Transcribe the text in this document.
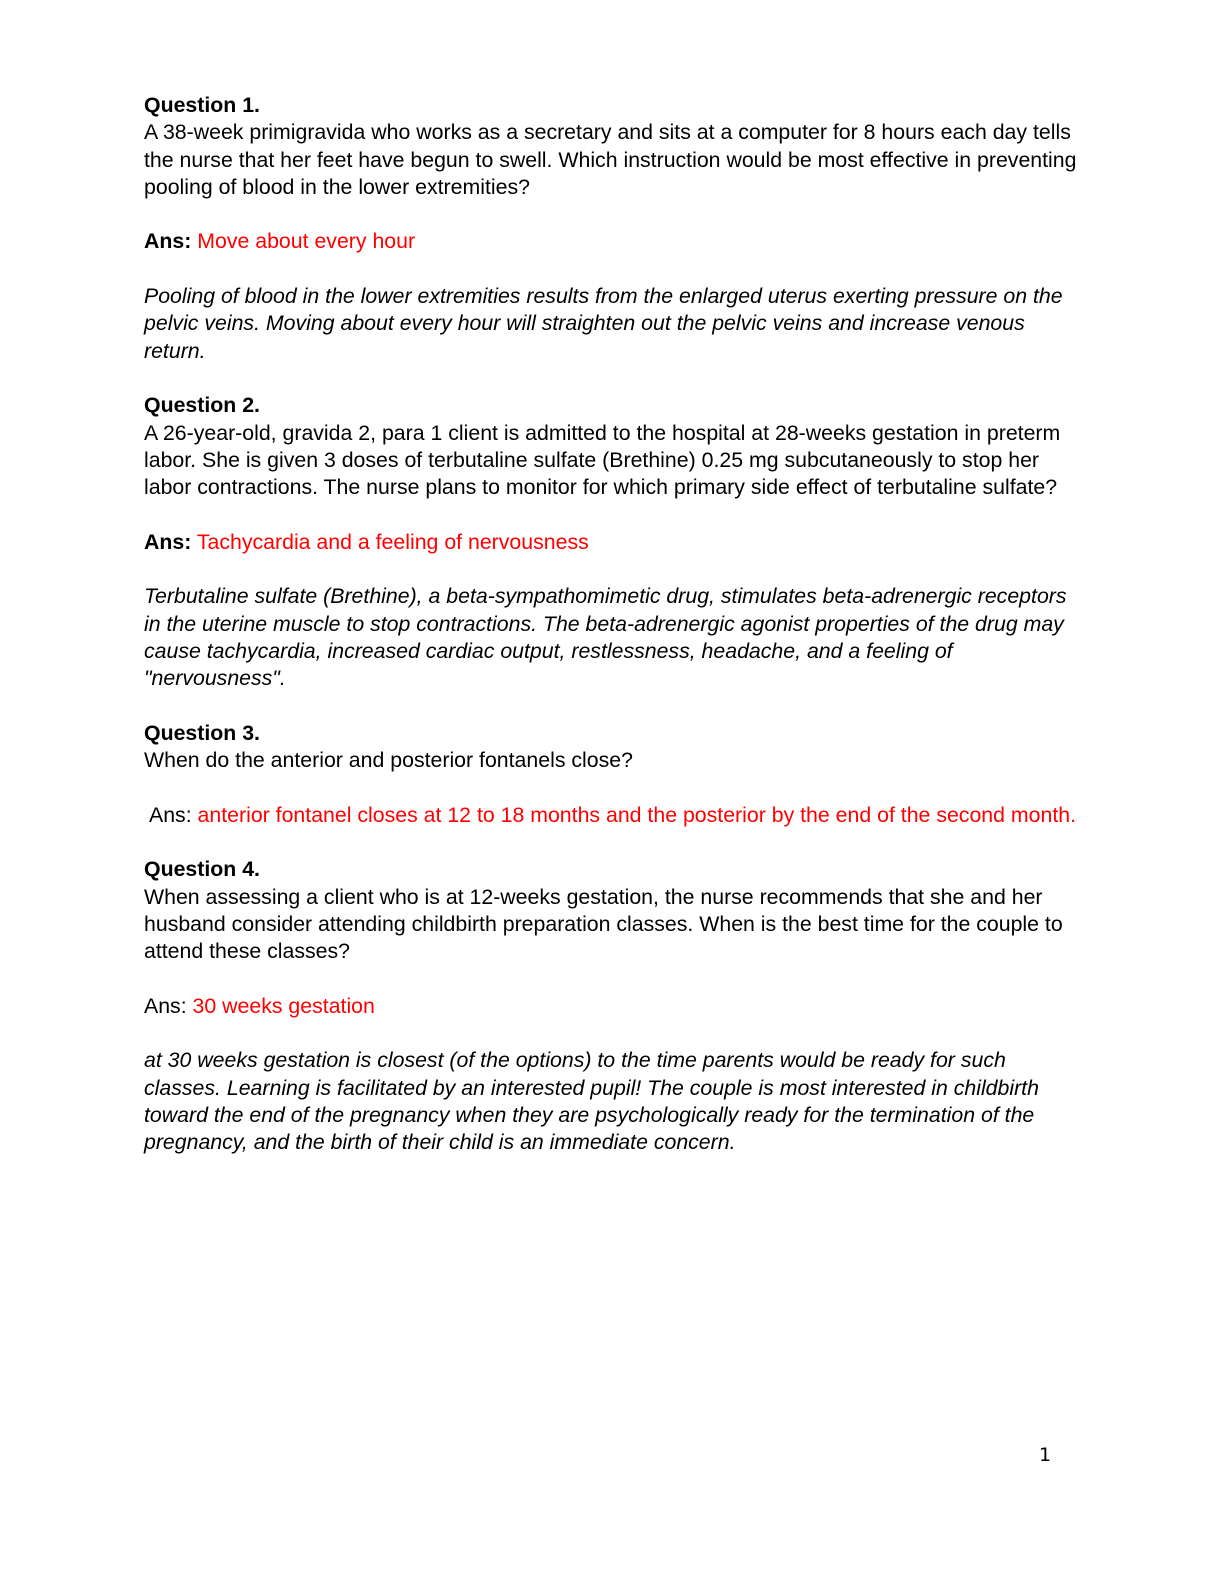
Question 1.

A 38-week primigravida who works as a secretary and sits at a computer for 8 hours each day tells the nurse that her feet have begun to swell. Which instruction would be most effective in preventing pooling of blood in the lower extremities?

Ans: Move about every hour

Pooling of blood in the lower extremities results from the enlarged uterus exerting pressure on the pelvic veins. Moving about every hour will straighten out the pelvic veins and increase venous return.

Question 2.

A 26-year-old, gravida 2, para 1 client is admitted to the hospital at 28-weeks gestation in preterm labor. She is given 3 doses of terbutaline sulfate (Brethine) 0.25 mg subcutaneously to stop her labor contractions. The nurse plans to monitor for which primary side effect of terbutaline sulfate?

Ans: Tachycardia and a feeling of nervousness

Terbutaline sulfate (Brethine), a beta-sympathomimetic drug, stimulates beta-adrenergic receptors in the uterine muscle to stop contractions. The beta-adrenergic agonist properties of the drug may cause tachycardia, increased cardiac output, restlessness, headache, and a feeling of "nervousness".

Question 3.

When do the anterior and posterior fontanels close?

Ans: anterior fontanel closes at 12 to 18 months and the posterior by the end of the second month.

Question 4.

When assessing a client who is at 12-weeks gestation, the nurse recommends that she and her husband consider attending childbirth preparation classes. When is the best time for the couple to attend these classes?

Ans: 30 weeks gestation

at 30 weeks gestation is closest (of the options) to the time parents would be ready for such classes. Learning is facilitated by an interested pupil! The couple is most interested in childbirth toward the end of the pregnancy when they are psychologically ready for the termination of the pregnancy, and the birth of their child is an immediate concern.

1
